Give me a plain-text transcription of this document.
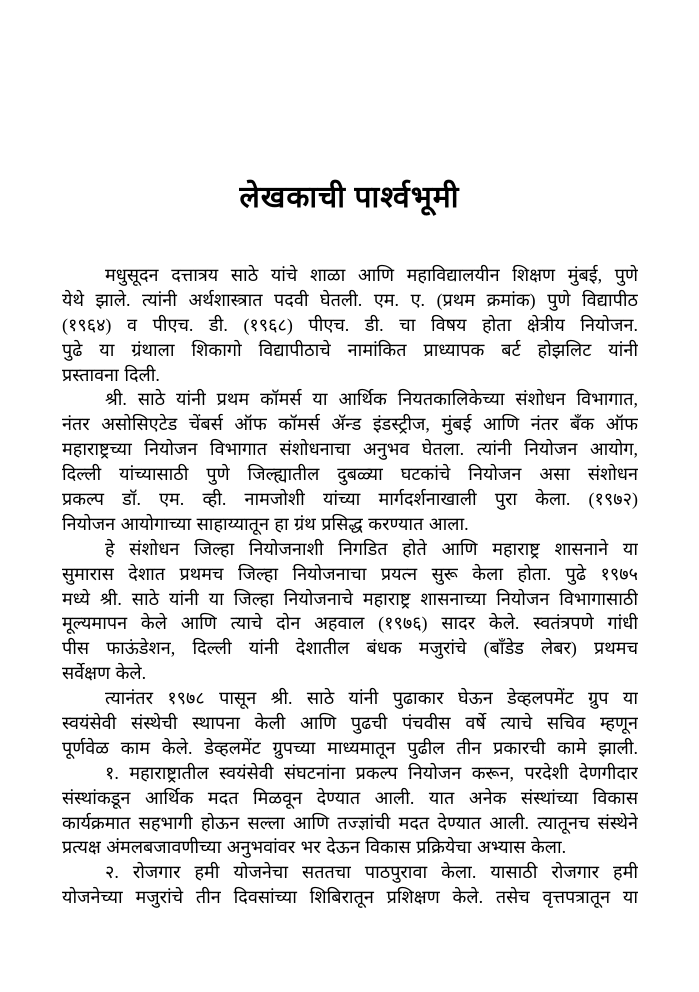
लेखकाची पार्श्वभूमी
मधुसूदन दत्तात्रय साठे यांचे शाळा आणि महाविद्यालयीन शिक्षण मुंबई, पुणे
येथे झाले. त्यांनी अर्थशास्त्रात पदवी घेतली. एम. ए. (प्रथम क्रमांक) पुणे विद्यापीठ
(१९६४) व पीएच. डी. (१९६८) पीएच. डी. चा विषय होता क्षेत्रीय नियोजन.
पुढे या ग्रंथाला शिकागो विद्यापीठाचे नामांकित प्राध्यापक बर्ट होझलिट यांनी
प्रस्तावना दिली.
श्री. साठे यांनी प्रथम कॉमर्स या आर्थिक नियतकालिकेच्या संशोधन विभागात,
नंतर असोसिएटेड चेंबर्स ऑफ कॉमर्स ॲन्ड इंडस्ट्रीज, मुंबई आणि नंतर बँक ऑफ
महाराष्ट्रच्या नियोजन विभागात संशोधनाचा अनुभव घेतला. त्यांनी नियोजन आयोग,
दिल्ली यांच्यासाठी पुणे जिल्ह्यातील दुबळ्या घटकांचे नियोजन असा संशोधन
प्रकल्प डॉ. एम. व्ही. नामजोशी यांच्या मार्गदर्शनाखाली पुरा केला. (१९७२)
नियोजन आयोगाच्या साहाय्यातून हा ग्रंथ प्रसिद्ध करण्यात आला.
हे संशोधन जिल्हा नियोजनाशी निगडित होते आणि महाराष्ट्र शासनाने या
सुमारास देशात प्रथमच जिल्हा नियोजनाचा प्रयत्न सुरू केला होता. पुढे १९७५
मध्ये श्री. साठे यांनी या जिल्हा नियोजनाचे महाराष्ट्र शासनाच्या नियोजन विभागासाठी
मूल्यमापन केले आणि त्याचे दोन अहवाल (१९७६) सादर केले. स्वतंत्रपणे गांधी
पीस फाऊंडेशन, दिल्ली यांनी देशातील बंधक मजुरांचे (बाँडेड लेबर) प्रथमच
सर्वेक्षण केले.
त्यानंतर १९७८ पासून श्री. साठे यांनी पुढाकार घेऊन डेव्हलपमेंट ग्रुप या
स्वयंसेवी संस्थेची स्थापना केली आणि पुढची पंचवीस वर्षे त्याचे सचिव म्हणून
पूर्णवेळ काम केले. डेव्हलमेंट ग्रुपच्या माध्यमातून पुढील तीन प्रकारची कामे झाली.
१. महाराष्ट्रातील स्वयंसेवी संघटनांना प्रकल्प नियोजन करून, परदेशी देणगीदार
संस्थांकडून आर्थिक मदत मिळवून देण्यात आली. यात अनेक संस्थांच्या विकास
कार्यक्रमात सहभागी होऊन सल्ला आणि तज्ज्ञांची मदत देण्यात आली. त्यातूनच संस्थेने
प्रत्यक्ष अंमलबजावणीच्या अनुभवांवर भर देऊन विकास प्रक्रियेचा अभ्यास केला.
२. रोजगार हमी योजनेचा सततचा पाठपुरावा केला. यासाठी रोजगार हमी
योजनेच्या मजुरांचे तीन दिवसांच्या शिबिरातून प्रशिक्षण केले. तसेच वृत्तपत्रातून या
